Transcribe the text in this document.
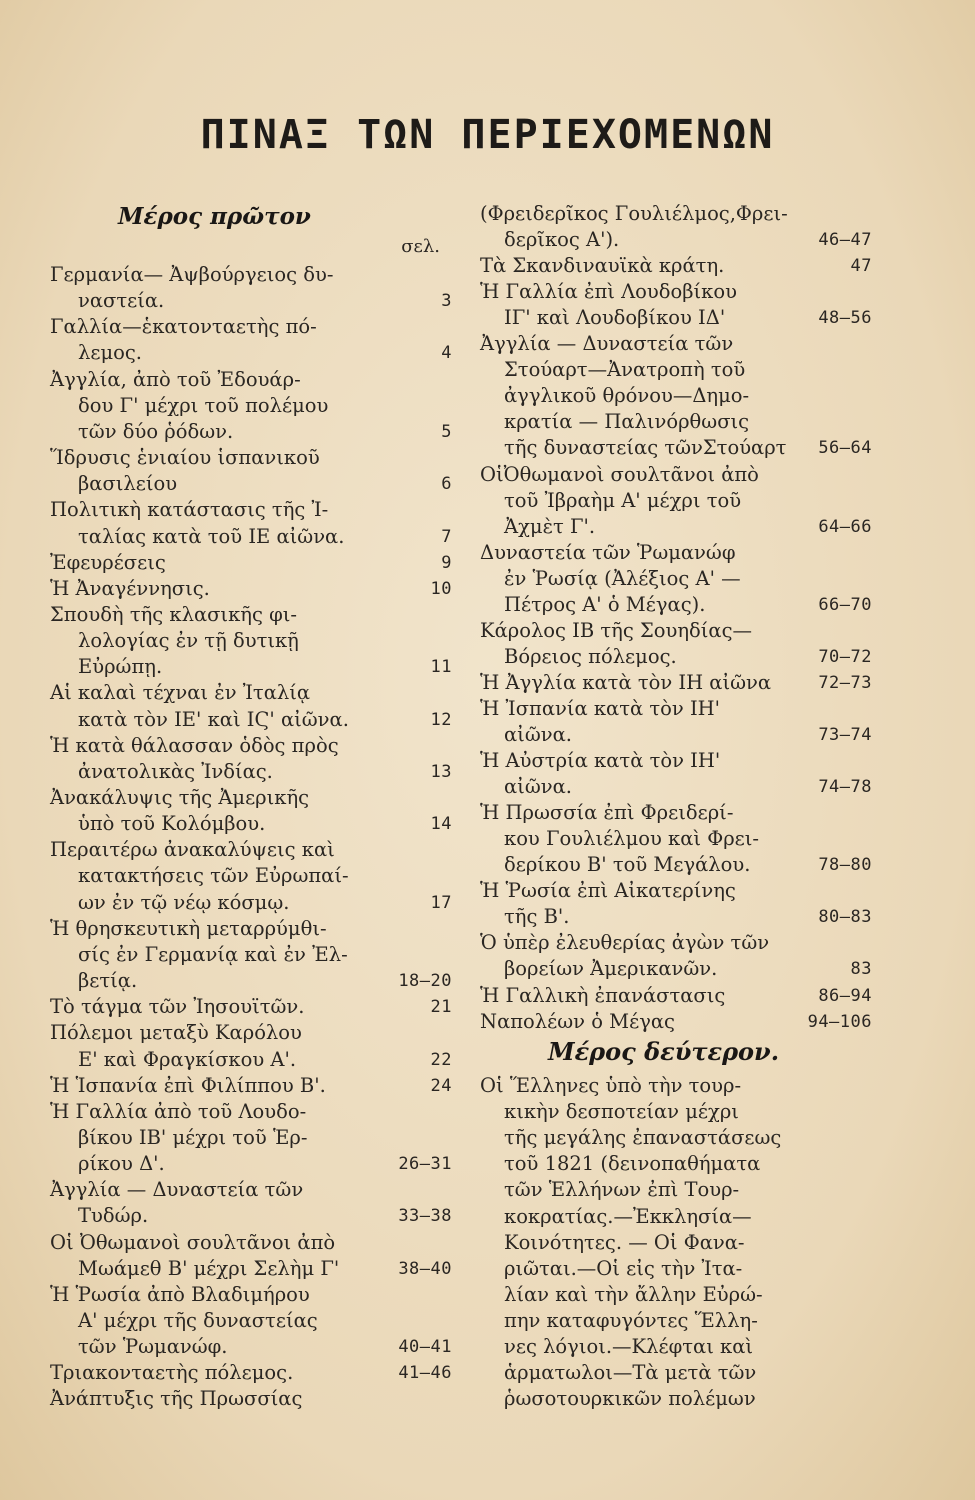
ΠΙΝΑΞ ΤΩΝ ΠΕΡΙΕΧΟΜΕΝΩΝ
Μέρος πρῶτον
σελ.
Γερμανία— Ἀψβούργειος δυ-
ναστεία.	3
Γαλλία—ἑκατονταετὴς πό-
λεμος.	4
Ἀγγλία, ἀπὸ τοῦ Ἐδουάρ-
δου Γ' μέχρι τοῦ πολέμου
τῶν δύο ῥόδων.	5
Ἵδρυσις ἑνιαίου ἱσπανικοῦ
βασιλείου	6
Πολιτικὴ κατάστασις τῆς Ἰ-
ταλίας κατὰ τοῦ ΙΕ αἰῶνα.	7
Ἐφευρέσεις	9
Ἡ Ἀναγέννησις.	10
Σπουδὴ τῆς κλασικῆς φι-
λολογίας ἐν τῇ δυτικῇ
Εὐρώπῃ.	11
Αἱ καλαὶ τέχναι ἐν Ἰταλίᾳ
κατὰ τὸν ΙΕ' καὶ ΙϚ' αἰῶνα.	12
Ἡ κατὰ θάλασσαν ὁδὸς πρὸς
ἀνατολικὰς Ἰνδίας.	13
Ἀνακάλυψις τῆς Ἀμερικῆς
ὑπὸ τοῦ Κολόμβου.	14
Περαιτέρω ἀνακαλύψεις καὶ
κατακτήσεις τῶν Εὐρωπαί-
ων ἐν τῷ νέῳ κόσμῳ.	17
Ἡ θρησκευτικὴ μεταρρύμθι-
σίς ἐν Γερμανίᾳ καὶ ἐν Ἐλ-
βετίᾳ.	18—20
Τὸ τάγμα τῶν Ἰησουϊτῶν.	21
Πόλεμοι μεταξὺ Καρόλου
Ε' καὶ Φραγκίσκου Α'.	22
Ἡ Ἱσπανία ἐπὶ Φιλίππου Β'.	24
Ἡ Γαλλία ἀπὸ τοῦ Λουδο-
βίκου ΙΒ' μέχρι τοῦ Ἑρ-
ρίκου Δ'.	26—31
Ἀγγλία — Δυναστεία τῶν
Τυδώρ.	33—38
Οἱ Ὀθωμανοὶ σουλτᾶνοι ἀπὸ
Μωάμεθ Β' μέχρι Σελὴμ Γ'	38—40
Ἡ Ῥωσία ἀπὸ Βλαδιμήρου
Α' μέχρι τῆς δυναστείας
τῶν Ῥωμανώφ.	40—41
Τριακονταετὴς πόλεμος.	41—46
Ἀνάπτυξις τῆς Πρωσσίας
(Φρειδερῖκος Γουλιέλμος,Φρει-
δερῖκος Α').	46—47
Τὰ Σκανδιναυϊκὰ κράτη.	47
Ἡ Γαλλία ἐπὶ Λουδοβίκου
ΙΓ' καὶ Λουδοβίκου ΙΔ'	48—56
Ἀγγλία — Δυναστεία τῶν
Στούαρτ—Ἀνατροπὴ τοῦ
ἀγγλικοῦ θρόνου—Δημο-
κρατία — Παλινόρθωσις
τῆς δυναστείας τῶνΣτούαρτ 56—64
ΟἱὈθωμανοὶ σουλτᾶνοι ἀπὸ
τοῦ Ἰβραὴμ Α' μέχρι τοῦ
Ἀχμὲτ Γ'.	64—66
Δυναστεία τῶν Ῥωμανώφ
ἐν Ῥωσίᾳ (Ἀλέξιος Α' —
Πέτρος Α' ὁ Μέγας).	66—70
Κάρολος ΙΒ τῆς Σουηδίας—
Βόρειος πόλεμος.	70—72
Ἡ Ἀγγλία κατὰ τὸν ΙΗ αἰῶνα	72—73
Ἡ Ἰσπανία κατὰ τὸν ΙΗ'
αἰῶνα.	73—74
Ἡ Αὐστρία κατὰ τὸν ΙΗ'
αἰῶνα.	74—78
Ἡ Πρωσσία ἐπὶ Φρειδερί-
κου Γουλιέλμου καὶ Φρει-
δερίκου Β' τοῦ Μεγάλου.	78—80
Ἡ Ῥωσία ἐπὶ Αἰκατερίνης
τῆς Β'.	80—83
Ὁ ὑπὲρ ἐλευθερίας ἀγὼν τῶν
βορείων Ἀμερικανῶν.	83
Ἡ Γαλλικὴ ἐπανάστασις	86—94
Ναπολέων ὁ Μέγας	94—106
Μέρος δεύτερον.
Οἱ Ἕλληνες ὑπὸ τὴν τουρ-
κικὴν δεσποτείαν μέχρι
τῆς μεγάλης ἐπαναστάσεως
τοῦ 1821 (δεινοπαθήματα
τῶν Ἑλλήνων ἐπὶ Τουρ-
κοκρατίας.—Ἐκκλησία—
Κοινότητες. — Οἱ Φανα-
ριῶται.—Οἱ εἰς τὴν Ἰτα-
λίαν καὶ τὴν ἄλλην Εὐρώ-
πην καταφυγόντες Ἕλλη-
νες λόγιοι.—Κλέφται καὶ
ἁρματωλοι—Τὰ μετὰ τῶν
ῥωσοτουρκικῶν πολέμων
